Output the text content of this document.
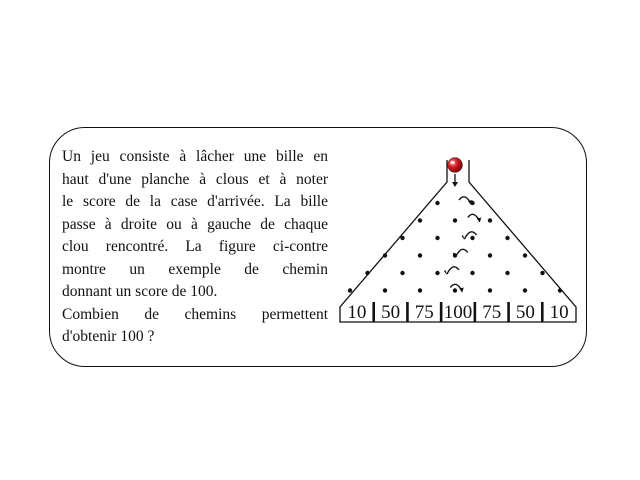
Un jeu consiste à lâcher une bille en

haut d'une planche à clous et à noter

le score de la case d'arrivée. La bille

passe à droite ou à gauche de chaque

clou rencontré. La figure ci-contre

montre un exemple de chemin

donnant un score de 100.

Combien de chemins permettent

d'obtenir 100 ?

10 50 75 100 75 50 10
